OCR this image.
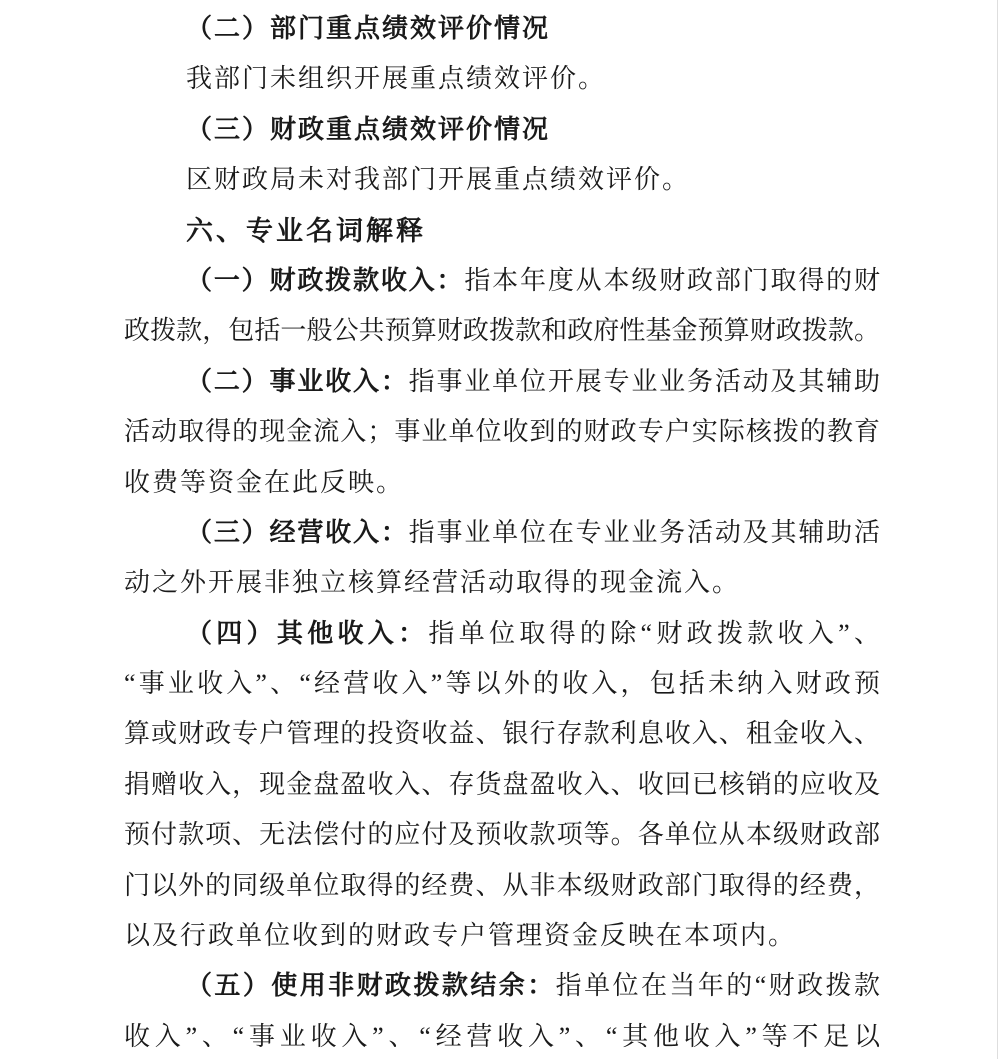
（二）部门重点绩效评价情况
我部门未组织开展重点绩效评价。
（三）财政重点绩效评价情况
区财政局未对我部门开展重点绩效评价。
六、专业名词解释
（一）财政拨款收入：指本年度从本级财政部门取得的财
政拨款，包括一般公共预算财政拨款和政府性基金预算财政拨款。
（二）事业收入：指事业单位开展专业业务活动及其辅助
活动取得的现金流入；事业单位收到的财政专户实际核拨的教育
收费等资金在此反映。
（三）经营收入：指事业单位在专业业务活动及其辅助活
动之外开展非独立核算经营活动取得的现金流入。
（四）其他收入：指单位取得的除“财政拨款收入”、
“事业收入”、“经营收入”等以外的收入，包括未纳入财政预
算或财政专户管理的投资收益、银行存款利息收入、租金收入、
捐赠收入，现金盘盈收入、存货盘盈收入、收回已核销的应收及
预付款项、无法偿付的应付及预收款项等。各单位从本级财政部
门以外的同级单位取得的经费、从非本级财政部门取得的经费，
以及行政单位收到的财政专户管理资金反映在本项内。
（五）使用非财政拨款结余：指单位在当年的“财政拨款
收入”、“事业收入”、“经营收入”、“其他收入”等不足以
